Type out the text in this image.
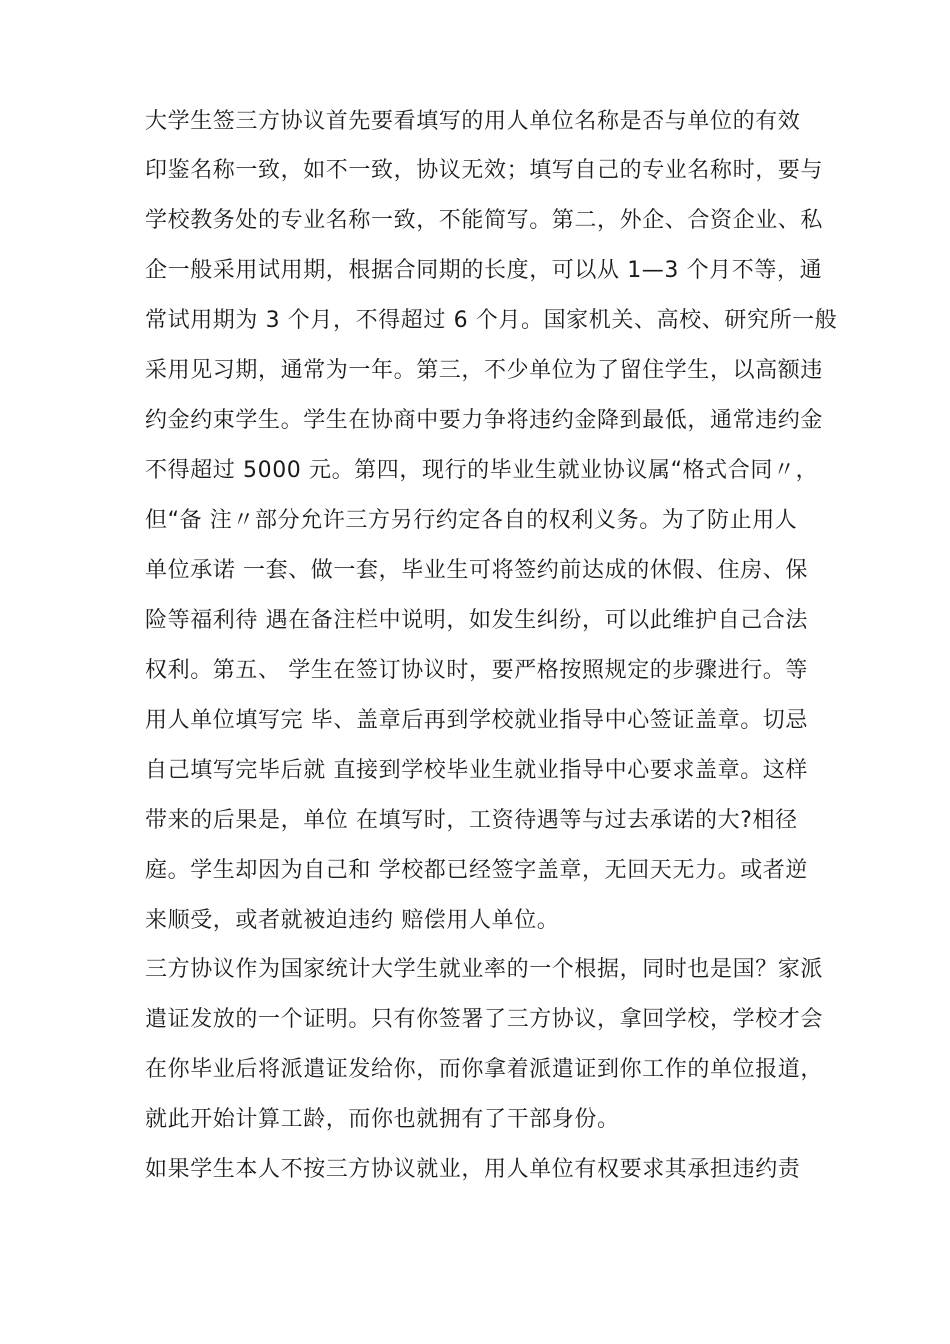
大学生签三方协议首先要看填写的用人单位名称是否与单位的有效
印鉴名称一致，如不一致，协议无效；填写自己的专业名称时，要与
学校教务处的专业名称一致，不能简写。第二，外企、合资企业、私
企一般采用试用期，根据合同期的长度，可以从 1—3 个月不等，通
常试用期为 3 个月，不得超过 6 个月。国家机关、高校、研究所一般
采用见习期，通常为一年。第三，不少单位为了留住学生，以高额违
约金约束学生。学生在协商中要力争将违约金降到最低，通常违约金
不得超过 5000 元。第四，现行的毕业生就业协议属“格式合同〃，
但“备 注〃部分允许三方另行约定各自的权利义务。为了防止用人
单位承诺 一套、做一套，毕业生可将签约前达成的休假、住房、保
险等福利待 遇在备注栏中说明，如发生纠纷，可以此维护自己合法
权利。第五、 学生在签订协议时，要严格按照规定的步骤进行。等
用人单位填写完 毕、盖章后再到学校就业指导中心签证盖章。切忌
自己填写完毕后就 直接到学校毕业生就业指导中心要求盖章。这样
带来的后果是，单位 在填写时，工资待遇等与过去承诺的大?相径
庭。学生却因为自己和 学校都已经签字盖章，无回天无力。或者逆
来顺受，或者就被迫违约 赔偿用人单位。
三方协议作为国家统计大学生就业率的一个根据，同时也是国？家派
遣证发放的一个证明。只有你签署了三方协议，拿回学校，学校才会
在你毕业后将派遣证发给你，而你拿着派遣证到你工作的单位报道，
就此开始计算工龄，而你也就拥有了干部身份。
如果学生本人不按三方协议就业，用人单位有权要求其承担违约责
